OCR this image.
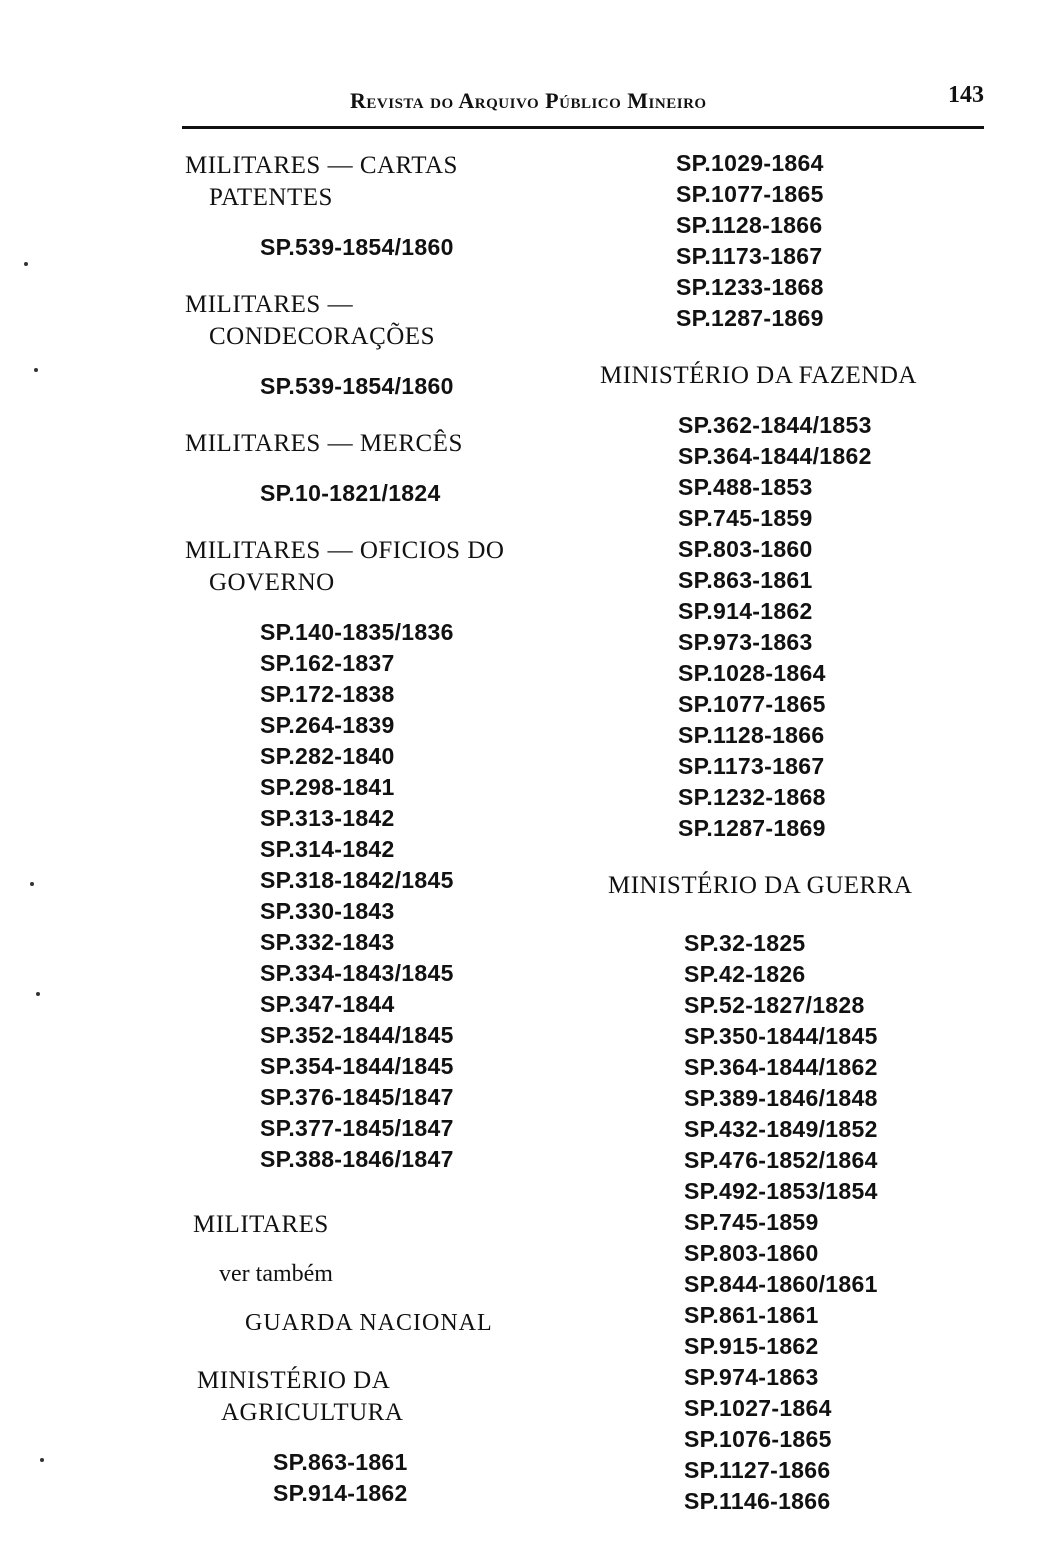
Revista do Arquivo Público Mineiro	143
MILITARES — CARTAS
PATENTES
SP.539-1854/1860
MILITARES —
CONDECORAÇÕES
SP.539-1854/1860
MILITARES — MERCÊS
SP.10-1821/1824
MILITARES — OFICIOS DO
GOVERNO
SP.140-1835/1836
SP.162-1837
SP.172-1838
SP.264-1839
SP.282-1840
SP.298-1841
SP.313-1842
SP.314-1842
SP.318-1842/1845
SP.330-1843
SP.332-1843
SP.334-1843/1845
SP.347-1844
SP.352-1844/1845
SP.354-1844/1845
SP.376-1845/1847
SP.377-1845/1847
SP.388-1846/1847
MILITARES
ver também
GUARDA NACIONAL
MINISTÉRIO DA
AGRICULTURA
SP.863-1861
SP.914-1862
SP.1029-1864
SP.1077-1865
SP.1128-1866
SP.1173-1867
SP.1233-1868
SP.1287-1869
MINISTÉRIO DA FAZENDA
SP.362-1844/1853
SP.364-1844/1862
SP.488-1853
SP.745-1859
SP.803-1860
SP.863-1861
SP.914-1862
SP.973-1863
SP.1028-1864
SP.1077-1865
SP.1128-1866
SP.1173-1867
SP.1232-1868
SP.1287-1869
MINISTÉRIO DA GUERRA
SP.32-1825
SP.42-1826
SP.52-1827/1828
SP.350-1844/1845
SP.364-1844/1862
SP.389-1846/1848
SP.432-1849/1852
SP.476-1852/1864
SP.492-1853/1854
SP.745-1859
SP.803-1860
SP.844-1860/1861
SP.861-1861
SP.915-1862
SP.974-1863
SP.1027-1864
SP.1076-1865
SP.1127-1866
SP.1146-1866
